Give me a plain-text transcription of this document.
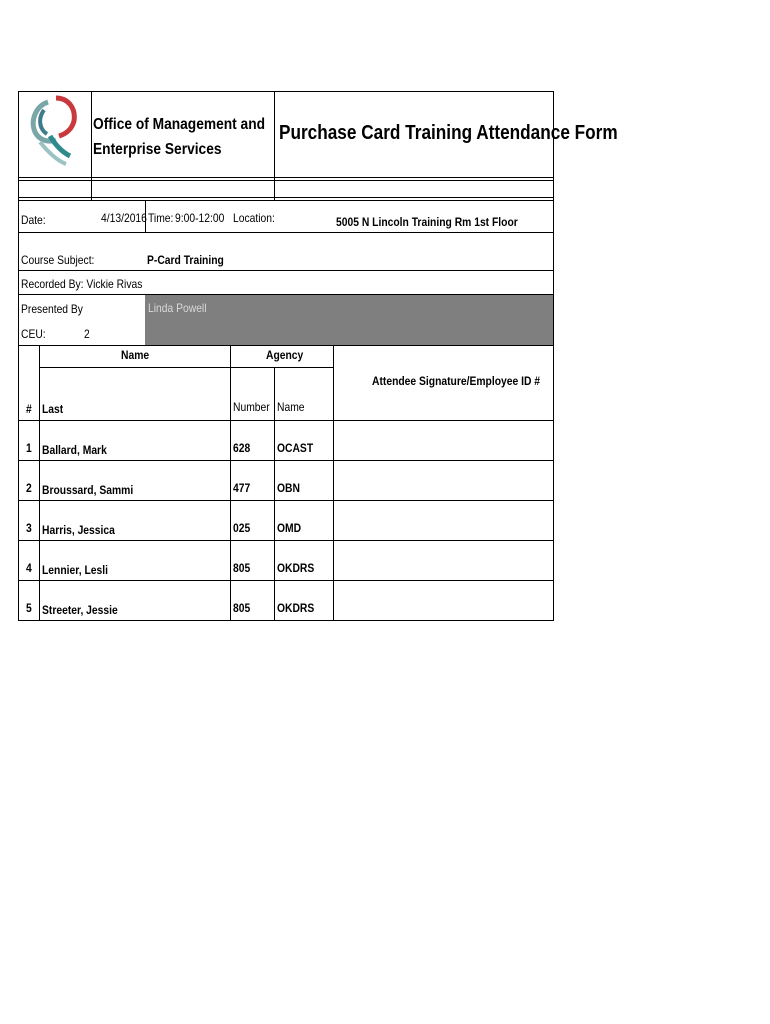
Office of Management and
Enterprise Services
Purchase Card Training Attendance Form
Date:	4/13/2016 Time: 9:00-12:00 Location:	5005 N Lincoln Training Rm 1st Floor
Course Subject:	P-Card Training
Recorded By: Vickie Rivas
Presented By	Linda Powell
CEU:	2
Name	Agency
Attendee Signature/Employee ID #
# Last	Number Name
1 Ballard, Mark	628 OCAST
2 Broussard, Sammi	477 OBN
3 Harris, Jessica	025 OMD
4 Lennier, Lesli	805 OKDRS
5 Streeter, Jessie	805 OKDRS
